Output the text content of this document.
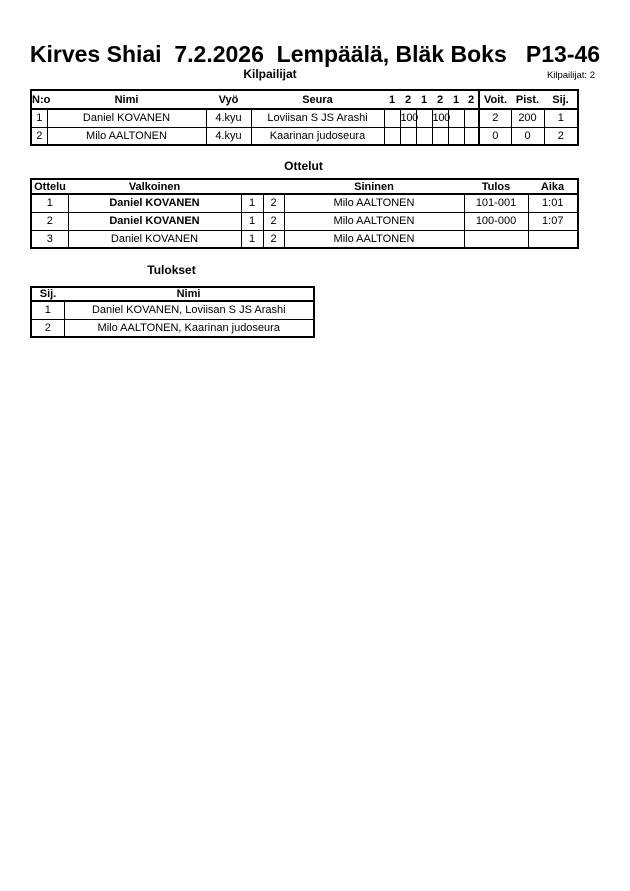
Kirves Shiai  7.2.2026  Lempäälä, Bläk Boks   P13-46
Kilpailijat	Kilpailijat: 2
N:o	Nimi	Vyö	Seura	1	2	1	2	1	2	Voit.	Pist.	Sij.
1	Daniel KOVANEN	4.kyu	Loviisan S JS Arashi		100		100			2	200	1
2	Milo AALTONEN	4.kyu	Kaarinan judoseura							0	0	2
Ottelut
Ottelu	Valkoinen			Sininen	Tulos	Aika
1	Daniel KOVANEN	1	2	Milo AALTONEN	101-001	1:01
2	Daniel KOVANEN	1	2	Milo AALTONEN	100-000	1:07
3	Daniel KOVANEN	1	2	Milo AALTONEN		
Tulokset
Sij.	Nimi
1	Daniel KOVANEN, Loviisan S JS Arashi
2	Milo AALTONEN, Kaarinan judoseura
